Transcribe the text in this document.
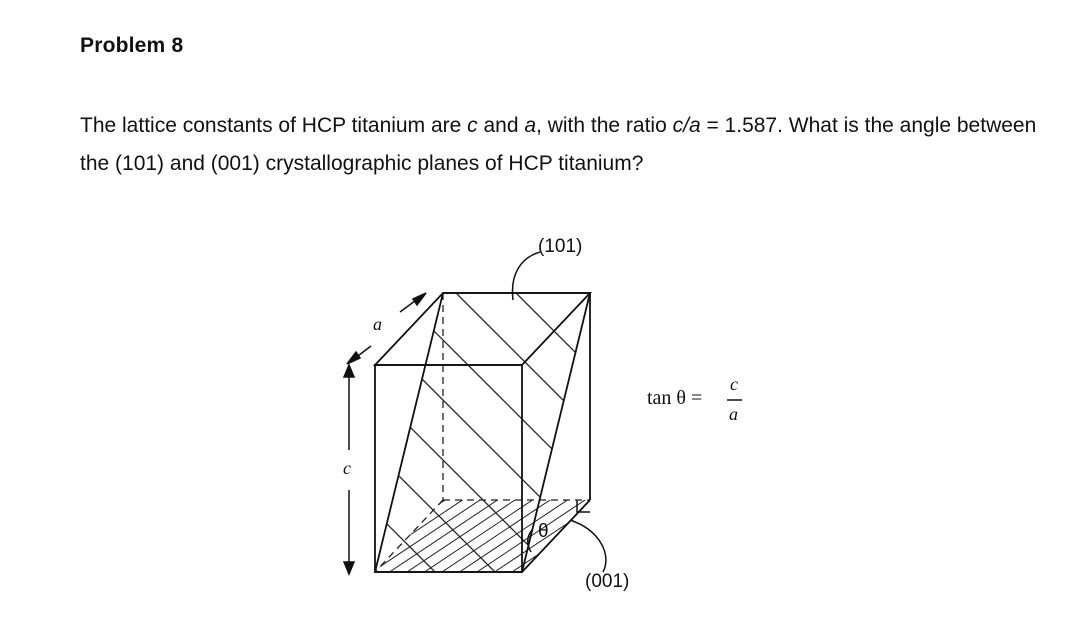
Problem 8
The lattice constants of HCP titanium are c and a, with the ratio c/a = 1.587. What is the angle between the (101) and (001) crystallographic planes of HCP titanium?
(101)
(001)
θ
a
c
tan θ =
c
a
